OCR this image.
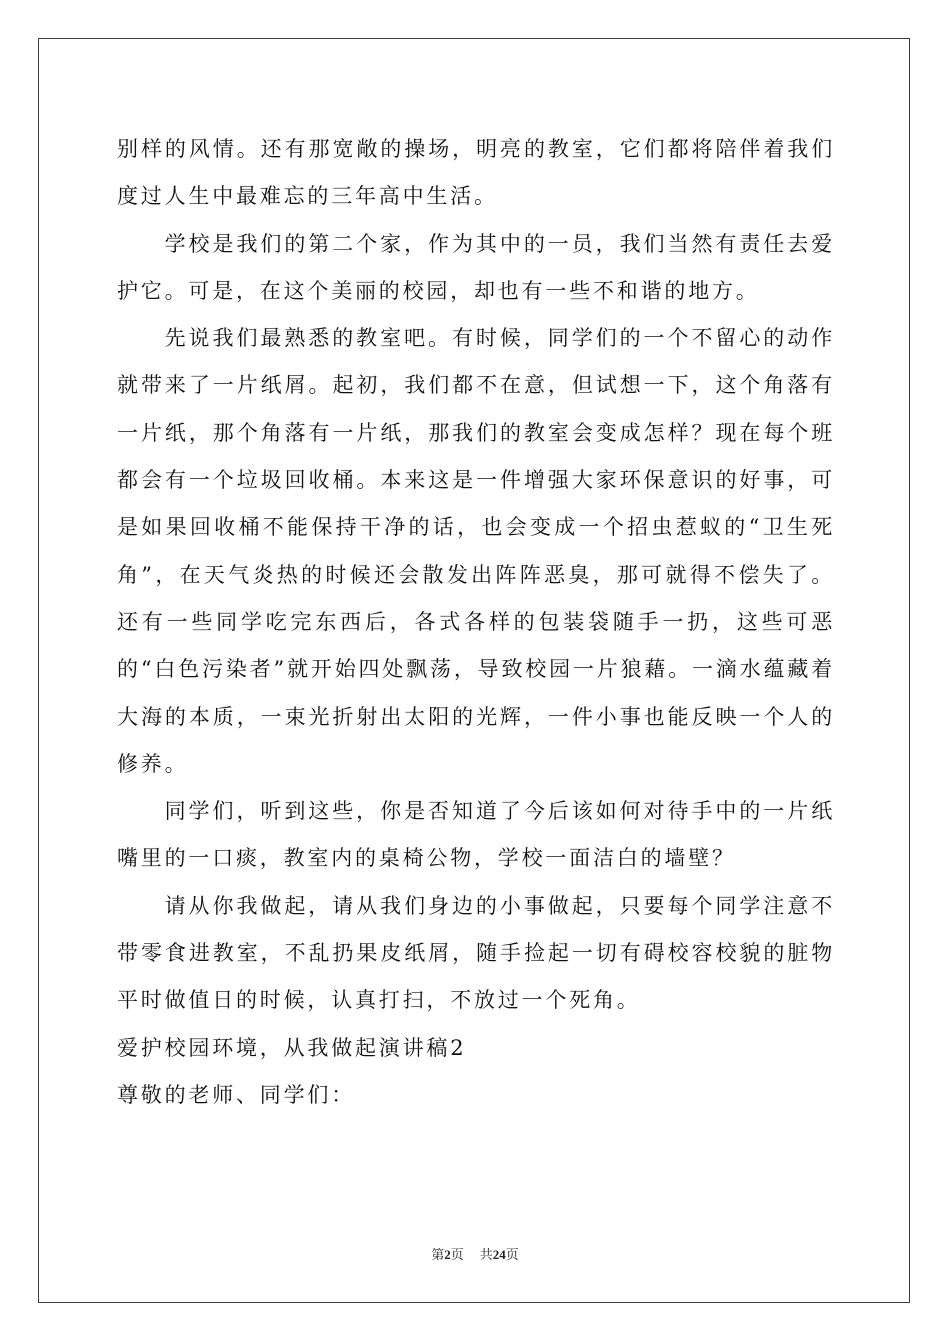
别样的风情。还有那宽敞的操场，明亮的教室，它们都将陪伴着我们度过人生中最难忘的三年高中生活。

学校是我们的第二个家，作为其中的一员，我们当然有责任去爱护它。可是，在这个美丽的校园，却也有一些不和谐的地方。

先说我们最熟悉的教室吧。有时候，同学们的一个不留心的动作就带来了一片纸屑。起初，我们都不在意，但试想一下，这个角落有一片纸，那个角落有一片纸，那我们的教室会变成怎样？现在每个班都会有一个垃圾回收桶。本来这是一件增强大家环保意识的好事，可是如果回收桶不能保持干净的话，也会变成一个招虫惹蚁的“卫生死角”，在天气炎热的时候还会散发出阵阵恶臭，那可就得不偿失了。还有一些同学吃完东西后，各式各样的包装袋随手一扔，这些可恶的“白色污染者”就开始四处飘荡，导致校园一片狼藉。一滴水蕴藏着大海的本质，一束光折射出太阳的光辉，一件小事也能反映一个人的修养。

同学们，听到这些，你是否知道了今后该如何对待手中的一片纸嘴里的一口痰，教室内的桌椅公物，学校一面洁白的墙壁？

请从你我做起，请从我们身边的小事做起，只要每个同学注意不带零食进教室，不乱扔果皮纸屑，随手捡起一切有碍校容校貌的脏物平时做值日的时候，认真打扫，不放过一个死角。

爱护校园环境，从我做起演讲稿2

尊敬的老师、同学们：

第2页 共24页
